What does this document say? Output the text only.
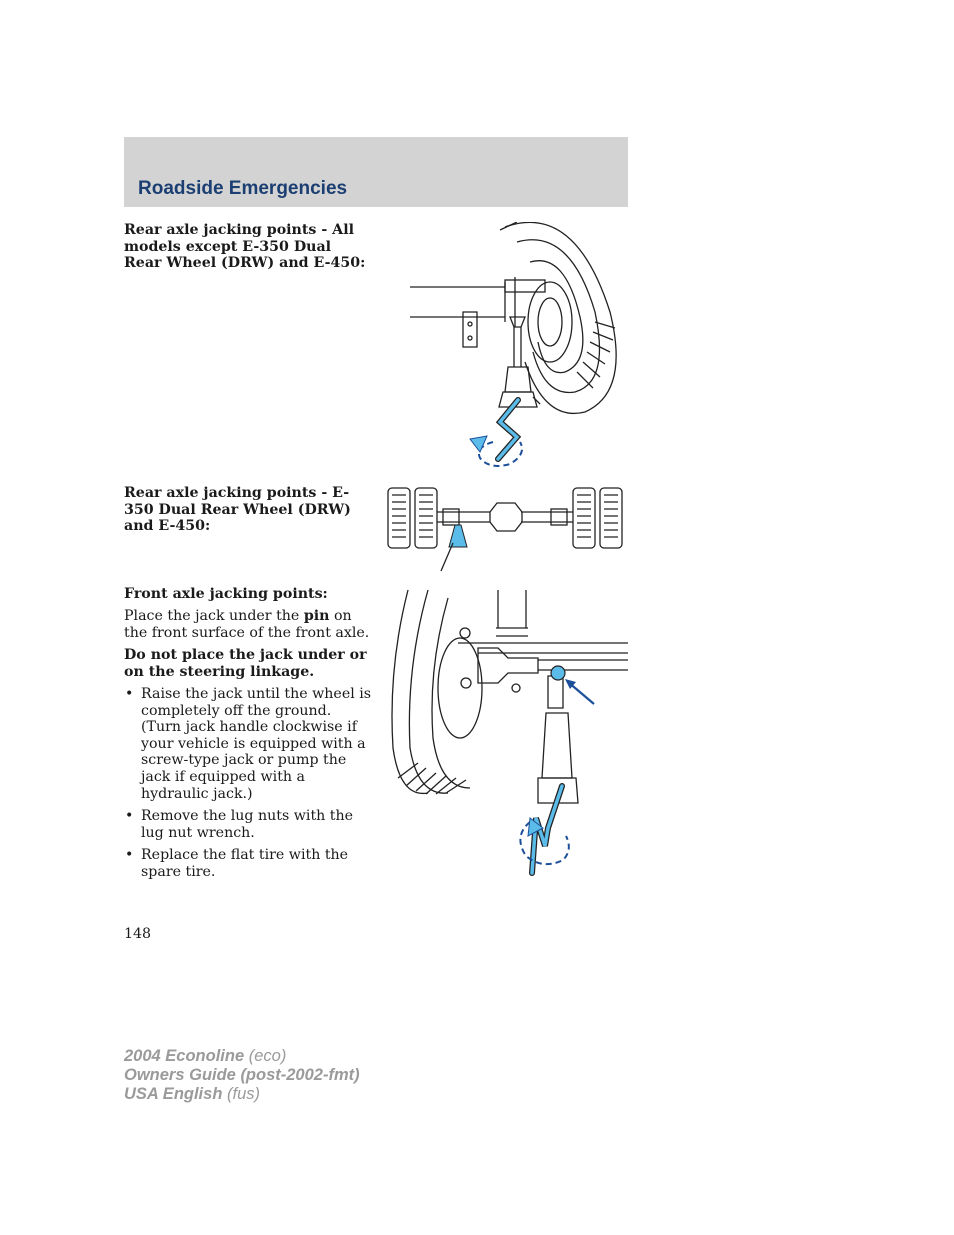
Roadside Emergencies

Rear axle jacking points - All models except E-350 Dual Rear Wheel (DRW) and E-450:

Rear axle jacking points - E-350 Dual Rear Wheel (DRW) and E-450:

Front axle jacking points:

Place the jack under the pin on the front surface of the front axle.

Do not place the jack under or on the steering linkage.

• Raise the jack until the wheel is completely off the ground. (Turn jack handle clockwise if your vehicle is equipped with a screw-type jack or pump the jack if equipped with a hydraulic jack.)
• Remove the lug nuts with the lug nut wrench.
• Replace the flat tire with the spare tire.

148

2004 Econoline (eco)
Owners Guide (post-2002-fmt)
USA English (fus)
